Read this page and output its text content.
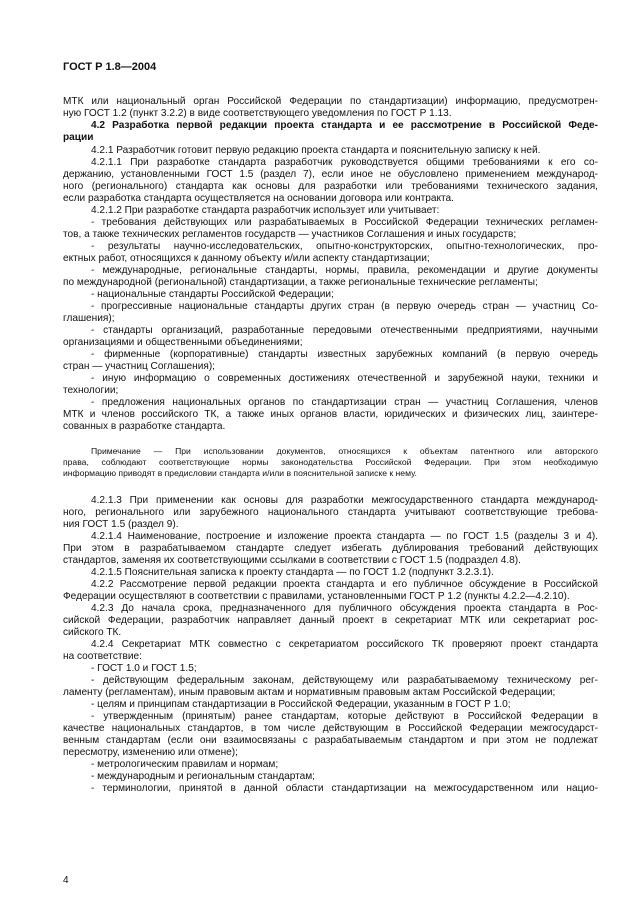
ГОСТ Р 1.8—2004
МТК или национальный орган Российской Федерации по стандартизации) информацию, предусмотрен-
ную ГОСТ 1.2 (пункт 3.2.2) в виде соответствующего уведомления по ГОСТ Р 1.13.
4.2 Разработка первой редакции проекта стандарта и ее рассмотрение в Российской Феде-
рации
4.2.1 Разработчик готовит первую редакцию проекта стандарта и пояснительную записку к ней.
4.2.1.1 При разработке стандарта разработчик руководствуется общими требованиями к его со-
держанию, установленными ГОСТ 1.5 (раздел 7), если иное не обусловлено применением международ-
ного (регионального) стандарта как основы для разработки или требованиями технического задания,
если разработка стандарта осуществляется на основании договора или контракта.
4.2.1.2 При разработке стандарта разработчик использует или учитывает:
- требования действующих или разрабатываемых в Российской Федерации технических регламен-
тов, а также технических регламентов государств — участников Соглашения и иных государств;
- результаты научно-исследовательских, опытно-конструкторских, опытно-технологических, про-
ектных работ, относящихся к данному объекту и/или аспекту стандартизации;
- международные, региональные стандарты, нормы, правила, рекомендации и другие документы
по международной (региональной) стандартизации, а также региональные технические регламенты;
- национальные стандарты Российской Федерации;
- прогрессивные национальные стандарты других стран (в первую очередь стран — участниц Со-
глашения);
- стандарты организаций, разработанные передовыми отечественными предприятиями, научными
организациями и общественными объединениями;
- фирменные (корпоративные) стандарты известных зарубежных компаний (в первую очередь
стран — участниц Соглашения);
- иную информацию о современных достижениях отечественной и зарубежной науки, техники и
технологии;
- предложения национальных органов по стандартизации стран — участниц Соглашения, членов
МТК и членов российского ТК, а также иных органов власти, юридических и физических лиц, заинтере-
сованных в разработке стандарта.
Примечание — При использовании документов, относящихся к объектам патентного или авторского
права, соблюдают соответствующие нормы законодательства Российской Федерации. При этом необходимую
информацию приводят в предисловии стандарта и/или в пояснительной записке к нему.
4.2.1.3 При применении как основы для разработки межгосударственного стандарта международ-
ного, регионального или зарубежного национального стандарта учитывают соответствующие требова-
ния ГОСТ 1.5 (раздел 9).
4.2.1.4 Наименование, построение и изложение проекта стандарта — по ГОСТ 1.5 (разделы 3 и 4).
При этом в разрабатываемом стандарте следует избегать дублирования требований действующих
стандартов, заменяя их соответствующими ссылками в соответствии с ГОСТ 1.5 (подраздел 4.8).
4.2.1.5 Пояснительная записка к проекту стандарта — по ГОСТ 1.2 (подпункт 3.2.3.1).
4.2.2 Рассмотрение первой редакции проекта стандарта и его публичное обсуждение в Российской
Федерации осуществляют в соответствии с правилами, установленными ГОСТ Р 1.2 (пункты 4.2.2—4.2.10).
4.2.3 До начала срока, предназначенного для публичного обсуждения проекта стандарта в Рос-
сийской Федерации, разработчик направляет данный проект в секретариат МТК или секретариат рос-
сийского ТК.
4.2.4 Секретариат МТК совместно с секретариатом российского ТК проверяют проект стандарта
на соответствие:
- ГОСТ 1.0 и ГОСТ 1.5;
- действующим федеральным законам, действующему или разрабатываемому техническому рег-
ламенту (регламентам), иным правовым актам и нормативным правовым актам Российской Федерации;
- целям и принципам стандартизации в Российской Федерации, указанным в ГОСТ Р 1.0;
- утвержденным (принятым) ранее стандартам, которые действуют в Российской Федерации в
качестве национальных стандартов, в том числе действующим в Российской Федерации межгосударст-
венным стандартам (если они взаимосвязаны с разрабатываемым стандартом и при этом не подлежат
пересмотру, изменению или отмене);
- метрологическим правилам и нормам;
- международным и региональным стандартам;
- терминологии, принятой в данной области стандартизации на межгосударственном или нацио-
4
